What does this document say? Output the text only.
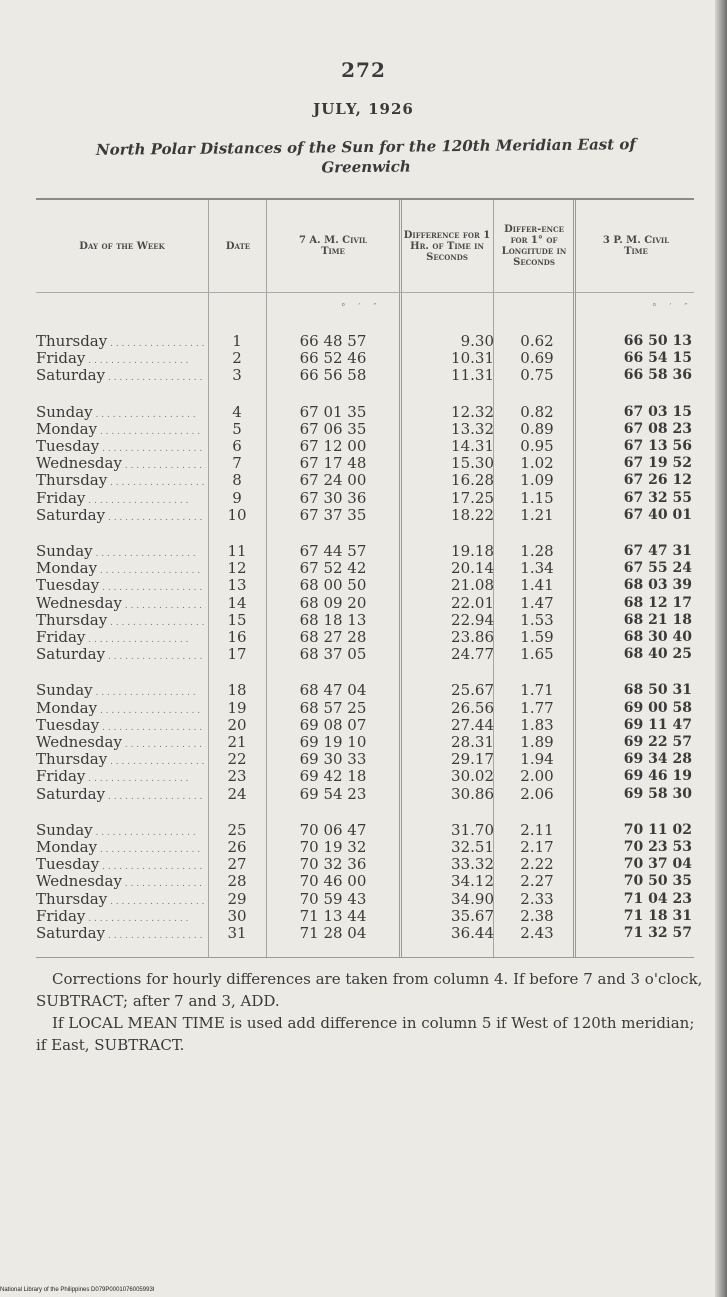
272
JULY, 1926
North Polar Distances of the Sun for the 120th Meridian East of
Greenwich
Day of the Week	Date	7 A. M. Civil Time
Difference for 1 Hr. of Time in Seconds
Differ-ence for 1° of Longitude in Seconds
3 P. M. Civil Time
° ′ ″	° ′ ″
Thursday . . .	1	66 48 57	9.30	0.62	66 50 13
Friday . . .	2	66 52 46	10.31	0.69	66 54 15
Saturday . . .	3	66 56 58	11.31	0.75	66 58 36
Sunday . . .	4	67 01 35	12.32	0.82	67 03 15
Monday . . .	5	67 06 35	13.32	0.89	67 08 23
Tuesday . . .	6	67 12 00	14.31	0.95	67 13 56
Wednesday . . .	7	67 17 48	15.30	1.02	67 19 52
Thursday . . .	8	67 24 00	16.28	1.09	67 26 12
Friday . . .	9	67 30 36	17.25	1.15	67 32 55
Saturday . . .	10	67 37 35	18.22	1.21	67 40 01
Sunday . . .	11	67 44 57	19.18	1.28	67 47 31
Monday . . .	12	67 52 42	20.14	1.34	67 55 24
Tuesday . . .	13	68 00 50	21.08	1.41	68 03 39
Wednesday . . .	14	68 09 20	22.01	1.47	68 12 17
Thursday . . .	15	68 18 13	22.94	1.53	68 21 18
Friday . . .	16	68 27 28	23.86	1.59	68 30 40
Saturday . . .	17	68 37 05	24.77	1.65	68 40 25
Sunday . . .	18	68 47 04	25.67	1.71	68 50 31
Monday . . .	19	68 57 25	26.56	1.77	69 00 58
Tuesday . . .	20	69 08 07	27.44	1.83	69 11 47
Wednesday . . .	21	69 19 10	28.31	1.89	69 22 57
Thursday . . .	22	69 30 33	29.17	1.94	69 34 28
Friday . . .	23	69 42 18	30.02	2.00	69 46 19
Saturday . . .	24	69 54 23	30.86	2.06	69 58 30
Sunday . . .	25	70 06 47	31.70	2.11	70 11 02
Monday . . .	26	70 19 32	32.51	2.17	70 23 53
Tuesday . . .	27	70 32 36	33.32	2.22	70 37 04
Wednesday . . .	28	70 46 00	34.12	2.27	70 50 35
Thursday . . .	29	70 59 43	34.90	2.33	71 04 23
Friday . . .	30	71 13 44	35.67	2.38	71 18 31
Saturday . . .	31	71 28 04	36.44	2.43	71 32 57

Corrections for hourly differences are taken from column 4. If before 7 and 3 o'clock, SUBTRACT; after 7 and 3, ADD.

If LOCAL MEAN TIME is used add difference in column 5 if West of 120th meridian; if East, SUBTRACT.

National Library of the Philippines D079P0001076005993I
